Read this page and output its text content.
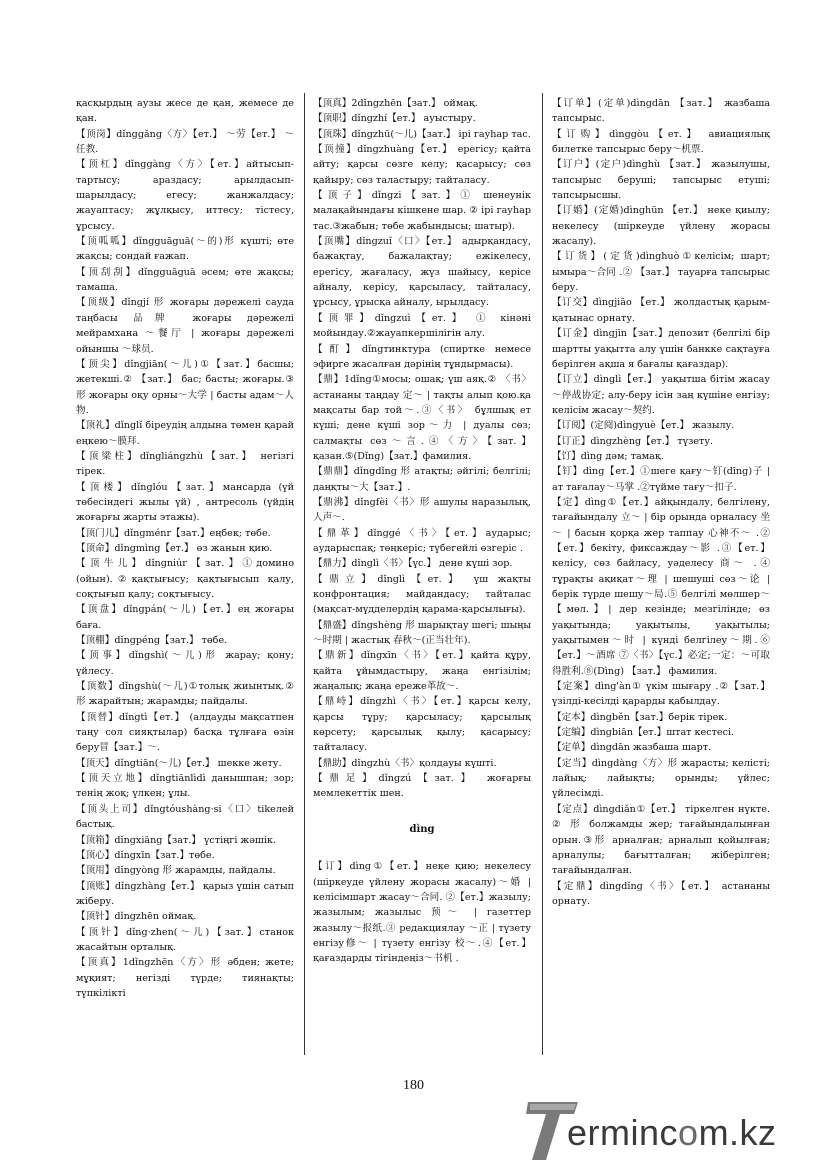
қасқырдың аузы жесе де қан, жемесе де қан.

【顶岗】dǐnggǎng〈方〉【ет.】 ～劳【ет.】 ～任教.

【顶杠】dǐnggàng〈方〉【ет.】айтысып-тартысу; араздасу; арылдасып-шарылдасу; егесу; жанжалдасу; жауаптасу; жұлқысу, иттесу; тістесу, ұрсысу.

【顶呱呱】dǐngguāguā(～的)形 күшті; өте жақсы; сондай ғажап.

【顶刮刮】dǐngguāguā әсем; өте жақсы; тамаша.

【顶级】dǐngjí 形 жоғары дәрежелі сауда таңбасы 品牌 жоғары дәрежелі мейрамхана ～餐厅 | жоғары дәрежелі ойыншы ～球员.

【顶尖】dǐngjiān(～儿)①【зат.】басшы; жетекші.② 【зат.】 бас; басты; жоғары.③形 жоғары оқу орны～大学 | басты адам～人物.

【顶礼】dǐnglǐ біреудің алдына төмен қарай еңкею～膜拜.

【顶梁柱】dǐngliángzhù【зат.】 негізгі тірек.

【顶楼】dǐnglóu【зат.】мансарда (үй төбесіндегі жылы үй) , антресоль (үйдің жоғарғы жарты этажы).

【顶门儿】dǐngménr【зат.】еңбек; төбе.

【顶命】dǐngmìng【ет.】 өз жанын қию.

【顶牛儿】dǐngniúr【зат.】①домино (ойын).②қақтығысу; қақтығысып қалу, соқтығып қалу; соқтығысу.

【顶盘】dǐngpán(～儿)【ет.】ең жоғары баға.

【顶棚】dǐngpéng【зат.】 төбе.

【顶事】dǐngshì(～儿)形 жарау; қону; үйлесу.

【顶数】dǐngshù(～儿)①толық жиынтық.② 形 жарайтын; жарамды; пайдалы.

【顶替】dǐngtì【ет.】 (алдауды мақсатпен таңу сол сияқтылар) басқа тұлғаға өзін беру冒【зат.】～.

【顶天】dǐngtiān(～儿)【ет.】 шекке жету.

【顶天立地】dǐngtiānlìdì данышпан; зор; тенің жоқ; үлкен; ұлы.

【顶头上司】dǐngtóushàng·si〈口〉tikелей бастық.

【顶箱】dǐngxiāng【зат.】 үстіңгі жәшік.

【顶心】dǐngxīn【зат.】төбе.

【顶用】dǐngyòng 形 жарамды, пайдалы.

【顶账】dǐngzhàng【ет.】 қарыз үшін сатып жіберу.

【顶针】dǐngzhēn оймақ.

【顶针】dǐng·zhen(～儿)【зат.】станок жасайтын орталық.

【顶真】1dǐngzhēn〈方〉形 әбден; жете; мұқият; негізді түрде; тиянақты; түпкілікті

【顶真】2dǐngzhēn【зат.】 оймақ.

【顶职】dǐngzhí【ет.】 ауыстыру.

【顶珠】dǐngzhū(～儿)【зат.】 ірі гауһар тас.

【顶撞】dǐngzhuàng【ет.】 ерегісу; қайта айту; қарсы сөзге келу; қасарысу; сөз қайыру; сөз таластыру; тайталасу.

【顶子】dǐngzi【зат.】① шенеунік малақайындағы кішкене шар. ② ірі гауһар тас.③жабын; төбе жабындысы; шатыр).

【顶嘴】dǐngzuǐ〈口〉【ет.】 адырқандасу, бажақтау, бажалақтау; ежікелесу, ерегісу, жағаласу, жүз шайысу, керісе айналу, керісу, қарсыласу, тайталасу, ұрсысу, ұрысқа айналу, ырылдасу.

【顶罪】dǐngzuì【ет.】 ① кінәні мойындау.②жауапкершілігін алу.

【酊】dǐngтинктура (спиртке немесе эфирге жасалған дәрінің тұндырмасы).

【鼎】1dǐng①мосы; ошақ; үш аяқ.② 〈书〉 астананы таңдау 定～ | тақты алып қою.қа мақсаты бар той～.③〈书〉 бұлшық ет күші; дене күші зор～力 | дуалы сөз; салмақты сөз～言.④〈方〉【зат.】қазан.⑤(Dǐng)【зат.】фамилия.

【鼎鼎】dǐngdǐng 形 атақты; әйгілі; белгілі; даңқты～大【зат.】.

【鼎沸】dǐngfèi〈书〉形 ашулы наразылық,人声～.

【鼎革】dǐnggé〈书〉【ет.】аударыс; аударыспақ; төңкеріс; түбегейлі өзгеріс .

【鼎力】dǐnglì〈书〉【үс.】 дене күші зор.

【鼎立】dǐnglì【ет.】 үш жақты конфронтация; майдандасу; тайталас (мақсат-мүдделердің қарама-қарсылығы).

【鼎盛】dǐngshèng 形 шарықтау шегі; шыңы ～时期 | жастық 春秋～(正当壮年).

【鼎新】dǐngxīn〈书〉【ет.】қайта құру, қайта ұйымдастыру, жаңа енгізілім; жаңалық; жаңа ереже革故～.

【鼎峙】dǐngzhì〈书〉【ет.】қарсы келу, қарсы тұру; қарсыласу; қарсылық көрсету; қарсылық қылу; қасарысу; тайталасу.

【鼎助】dǐngzhù〈书〉қолдауы күшті.

【鼎足】dǐngzú【зат.】 жоғарғы мемлекеттік шен.

dìng

【订】dìng①【ет.】неке қию; некелесу (шіркеуде үйлену жорасы жасалу)～婚 | келісімшарт жасау～合同. ②【ет.】жазылу; жазылым; жазылыс 预～ | газеттер жазылу～报纸.③ редакциялау ～正 | түзету енгізу修～ | түзету енгізу 校～.④【ет.】қағаздарды тігіндеңіз～书机 .

【订单】(定单)dìngdān 【зат.】 жазбаша тапсырыс.

【订购】dìnggòu【ет.】 авиациялық билетке тапсырыс беру～机票.

【订户】(定户)dìnghù 【зат.】 жазылушы, тапсырыс беруші; тапсырыс етуші; тапсырысшы.

【订婚】(定婚)dìnghūn 【ет.】 неке қиылу; некелесу (шіркеуде үйлену жорасы жасалу).

【订货】(定货)dìnghuò①келісім; шарт; ымыра～合同 .② 【зат.】 тауарға тапсырыс беру.

【订交】dìngjiāo 【ет.】 жолдастық қарым-қатынас орнату.

【订金】dìngjīn【зат.】депозит (белгілі бір шартты уақытта алу үшін банкке сақтауға берілген ақша я бағалы қағаздар).

【订立】dìnglì【ет.】 уақытша бітім жасау～停战协定; алу-беру ісін заң күшіне енгізу; келісім жасау～契约.

【订阅】(定阅)dìngyuè【ет.】 жазылу.

【订正】dìngzhèng【ет.】 түзету.

【饤】dìng дәм; тамақ.

【钉】dìng【ет.】①шеге қағу～钉(dīng)子 | ат тағалау～马掌 .②түйме тағу～扣子.

【定】dìng①【ет.】айқындалу, белгілену, тағайындалу 立～ | бір орында орналасу 坐～ | басын қорқа жер таппау 心神不～ .②【ет.】бекіту, фиксаждау～影 .③【ет.】келісу, сөз байласу, уәделесу 商～ .④ тұрақты ақиқат～理 | шешуші сөз～论 | берік түрде шешу～局.⑤ белгілі мөлшер～【мөл.】| дер кезінде; мезгілінде; өз уақытында; уақытылы, уақытылы; уақытымен～时 | күнді белгілеу～期.⑥【ет.】～酒席 ⑦〈书〉【үс.】必定;一定：～可取得胜利.⑧(Dìng) 【зат.】 фамилия.

【定案】dìng'àn① үкім шығару .②【зат.】 үзілді-кесілді қарарды қабылдау.

【定本】dìngběn【зат.】берік тірек.

【定编】dìngbiān【ет.】штат кестесі.

【定单】dìngdān жазбаша шарт.

【定当】dìngdàng〈方〉形 жарасты; келісті; лайық; лайықты; орынды; үйлес; үйлесімді.

【定点】dìngdiǎn①【ет.】 тіркелген нүкте. ② 形 болжамды жер; тағайындалынған орын.③形 арналған; арналып қойылған; арналулы; бағытталған; жіберілген; тағайындалған.

【定鼎】dìngdǐng〈书〉【ет.】 астананы орнату.

180
ermincom.kz
